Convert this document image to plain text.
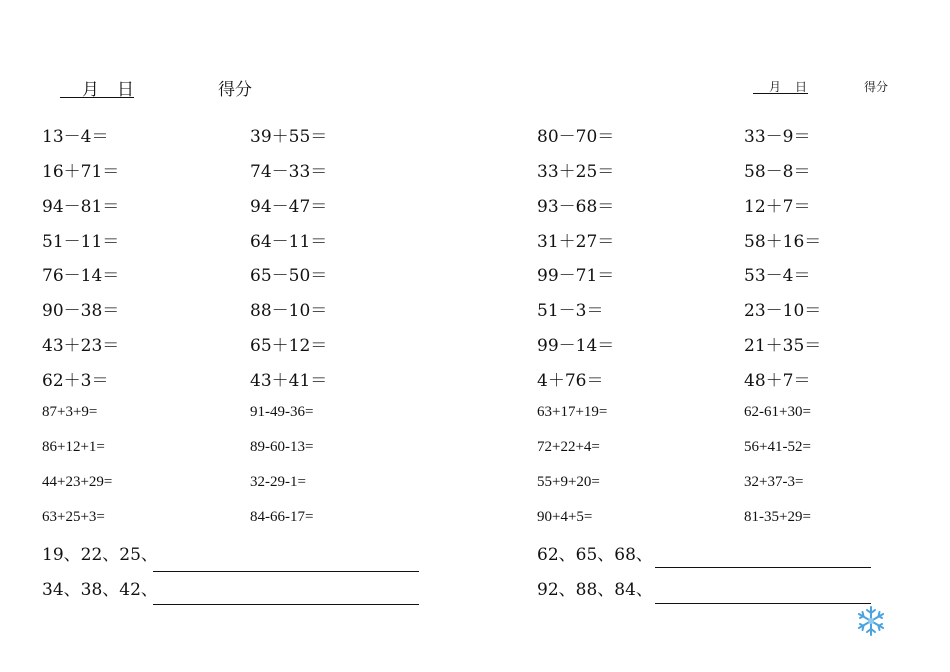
月 日	得分	月 日	得分
13－4＝
16＋71＝
94－81＝
51－11＝
76－14＝
90－38＝
43＋23＝
62＋3＝
87+3+9=
86+12+1=
44+23+29=
63+25+3=
39＋55＝
74－33＝
94－47＝
64－11＝
65－50＝
88－10＝
65＋12＝
43＋41＝
91-49-36=
89-60-13=
32-29-1=
84-66-17=
80－70＝
33＋25＝
93－68＝
31＋27＝
99－71＝
51－3＝
99－14＝
4＋76＝
63+17+19=
72+22+4=
55+9+20=
90+4+5=
33－9＝
58－8＝
12＋7＝
58＋16＝
53－4＝
23－10＝
21＋35＝
48＋7＝
62-61+30=
56+41-52=
32+37-3=
81-35+29=
19、22、25、
34、38、42、
62、65、68、
92、88、84、
